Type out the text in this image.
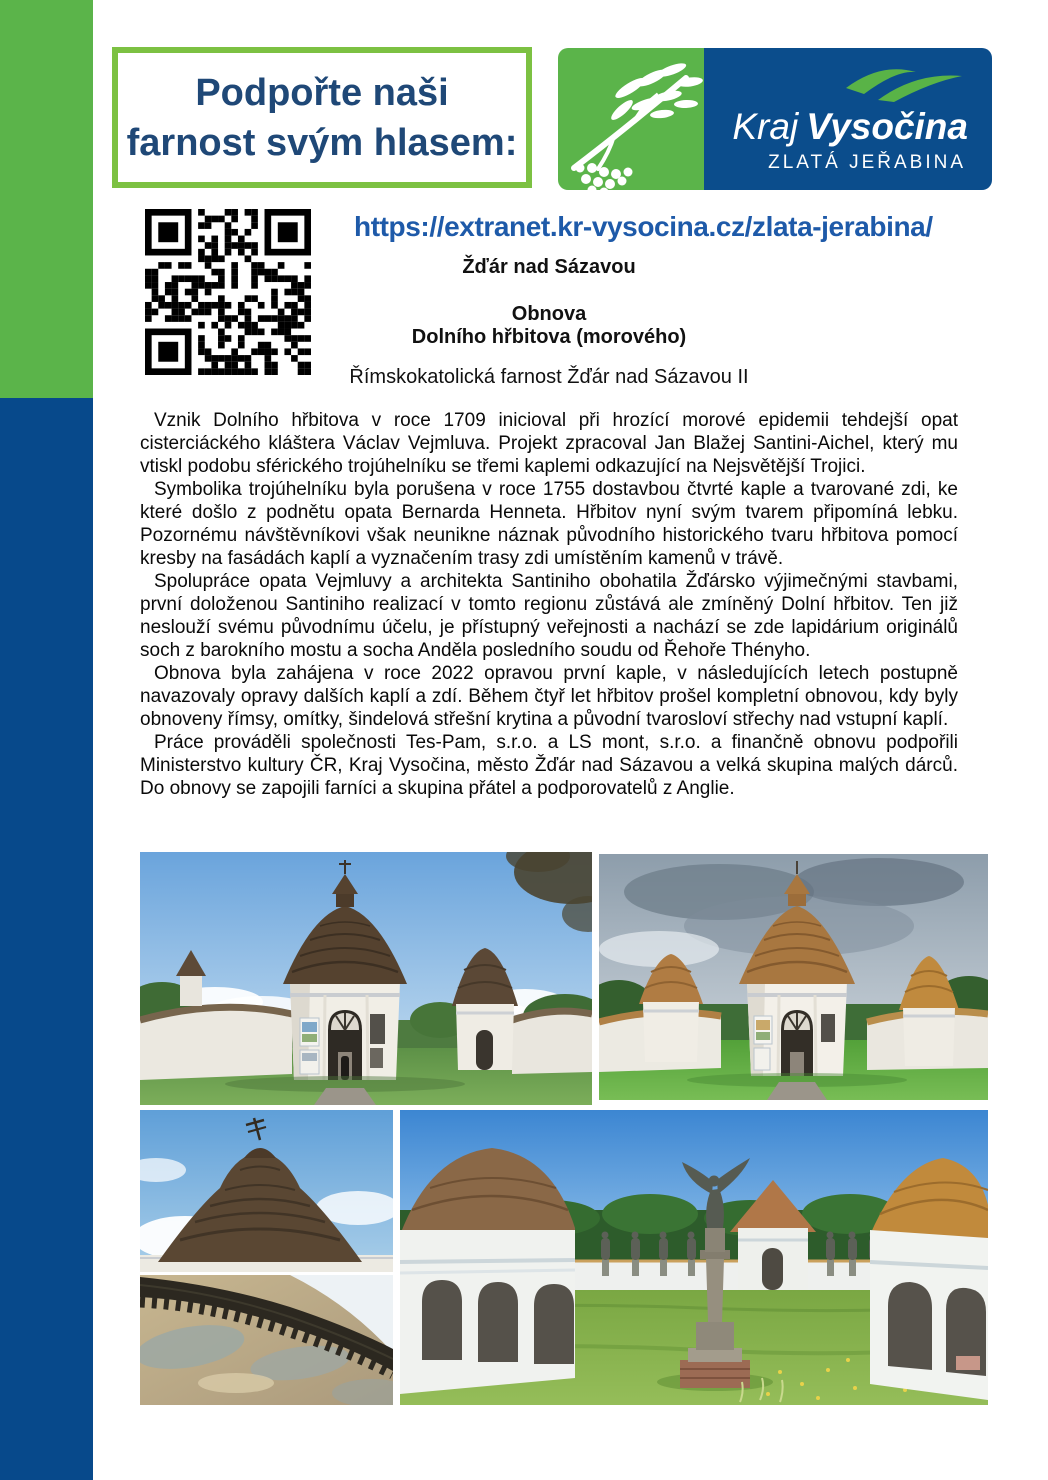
Podpořte naši
farnost svým hlasem:	Kraj Vysočina
ZLATÁ JEŘABINA
https://extranet.kr-vysocina.cz/zlata-jerabina/
Žďár nad Sázavou
Obnova
Dolního hřbitova (morového)
Římskokatolická farnost Žďár nad Sázavou II

Vznik Dolního hřbitova v roce 1709 inicioval při hrozící morové epidemii tehdejší opat cisterciáckého kláštera Václav Vejmluva. Projekt zpracoval Jan Blažej Santini-Aichel, který mu vtiskl podobu sférického trojúhelníku se třemi kaplemi odkazující na Nejsvětější Trojici.

Symbolika trojúhelníku byla porušena v roce 1755 dostavbou čtvrté kaple a tvarované zdi, ke které došlo z podnětu opata Bernarda Henneta. Hřbitov nyní svým tvarem připomíná lebku. Pozornému návštěvníkovi však neunikne náznak původního historického tvaru hřbitova pomocí kresby na fasádách kaplí a vyznačením trasy zdi umístěním kamenů v trávě.

Spolupráce opata Vejmluvy a architekta Santiniho obohatila Žďársko výjimečnými stavbami, první doloženou Santiniho realizací v tomto regionu zůstává ale zmíněný Dolní hřbitov. Ten již neslouží svému původnímu účelu, je přístupný veřejnosti a nachází se zde lapidárium originálů soch z barokního mostu a socha Anděla posledního soudu od Řehoře Thényho.

Obnova byla zahájena v roce 2022 opravou první kaple, v následujících letech postupně navazovaly opravy dalších kaplí a zdí. Během čtyř let hřbitov prošel kompletní obnovou, kdy byly obnoveny římsy, omítky, šindelová střešní krytina a původní tvarosloví střechy nad vstupní kaplí.

Práce prováděli společnosti Tes-Pam, s.r.o. a LS mont, s.r.o. a finančně obnovu podpořili Ministerstvo kultury ČR, Kraj Vysočina, město Žďár nad Sázavou a velká skupina malých dárců. Do obnovy se zapojili farníci a skupina přátel a podporovatelů z Anglie.
